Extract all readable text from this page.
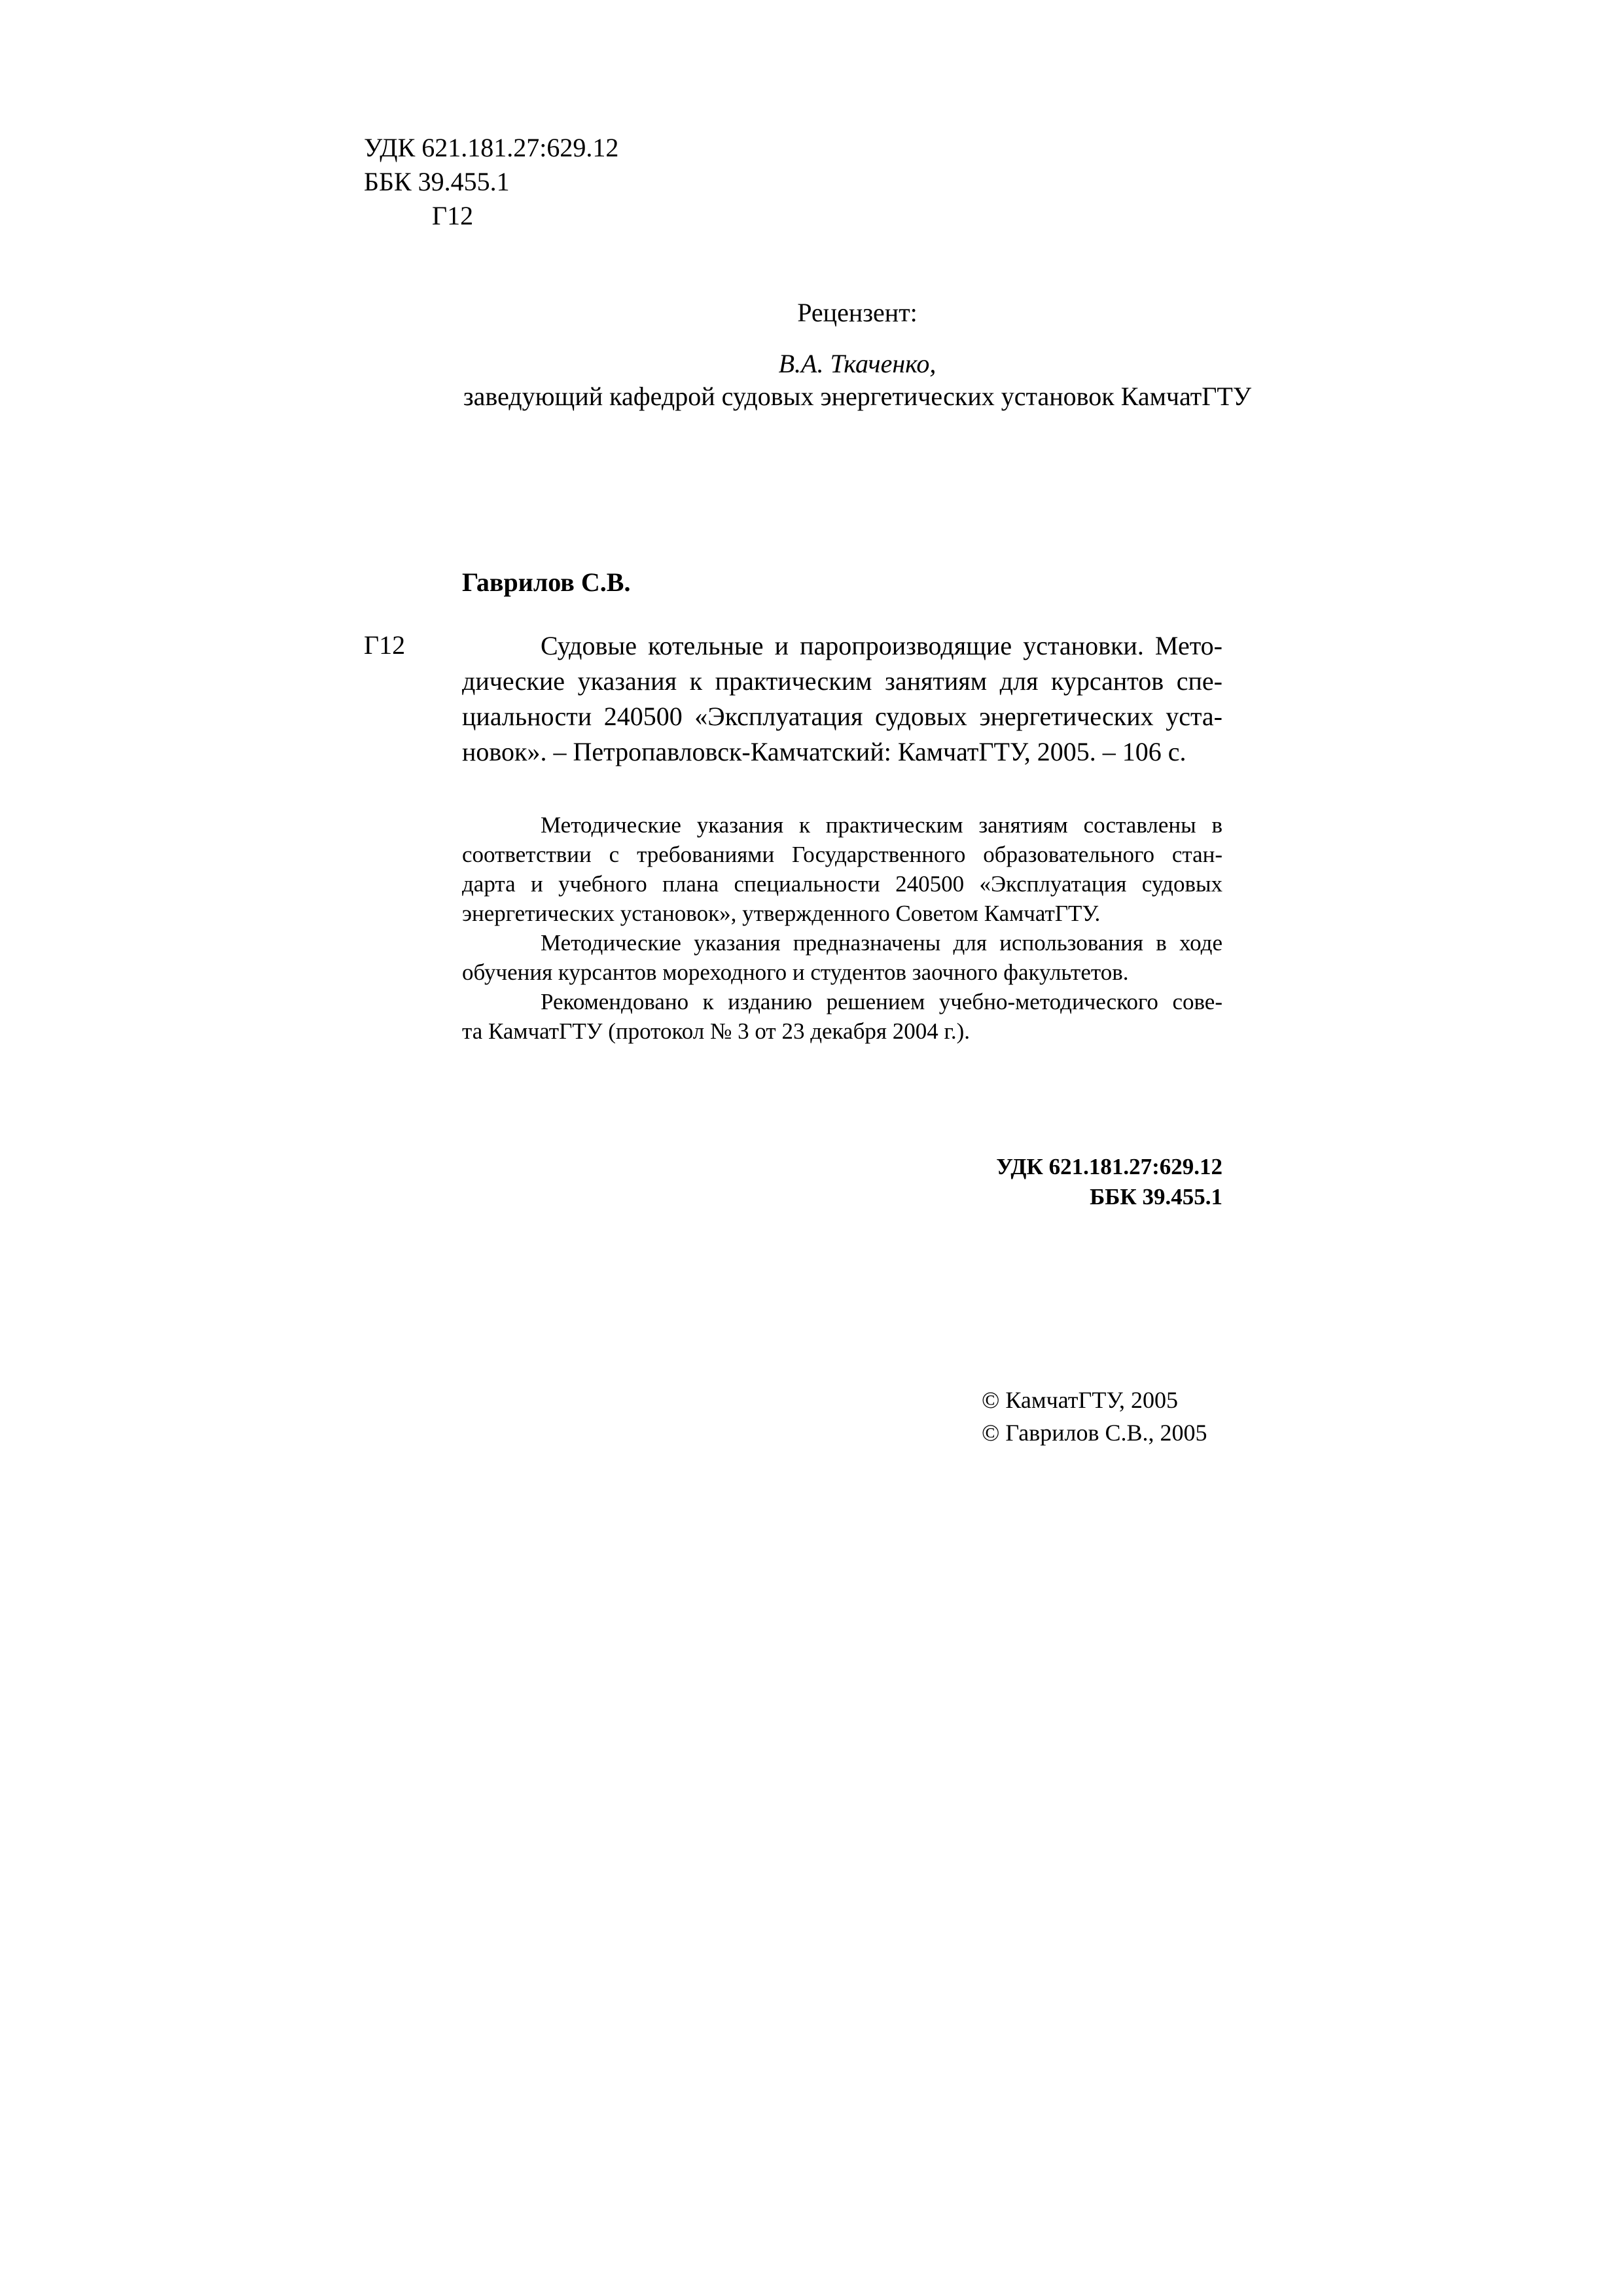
УДК 621.181.27:629.12
ББК 39.455.1
Г12
Рецензент:
В.А. Ткаченко,
заведующий кафедрой судовых энергетических установок КамчатГТУ
Гаврилов С.В.
Г12	Судовые котельные и паропроизводящие установки. Мето-
дические указания к практическим занятиям для курсантов спе-
циальности 240500 «Эксплуатация судовых энергетических уста-
новок». – Петропавловск-Камчатский: КамчатГТУ, 2005. – 106 с.
Методические указания к практическим занятиям составлены в
соответствии с требованиями Государственного образовательного стан-
дарта и учебного плана специальности 240500 «Эксплуатация судовых
энергетических установок», утвержденного Советом КамчатГТУ.
Методические указания предназначены для использования в ходе
обучения курсантов мореходного и студентов заочного факультетов.
Рекомендовано к изданию решением учебно-методического сове-
та КамчатГТУ (протокол № 3 от 23 декабря 2004 г.).
УДК 621.181.27:629.12
ББК 39.455.1
© КамчатГТУ, 2005
© Гаврилов С.В., 2005
